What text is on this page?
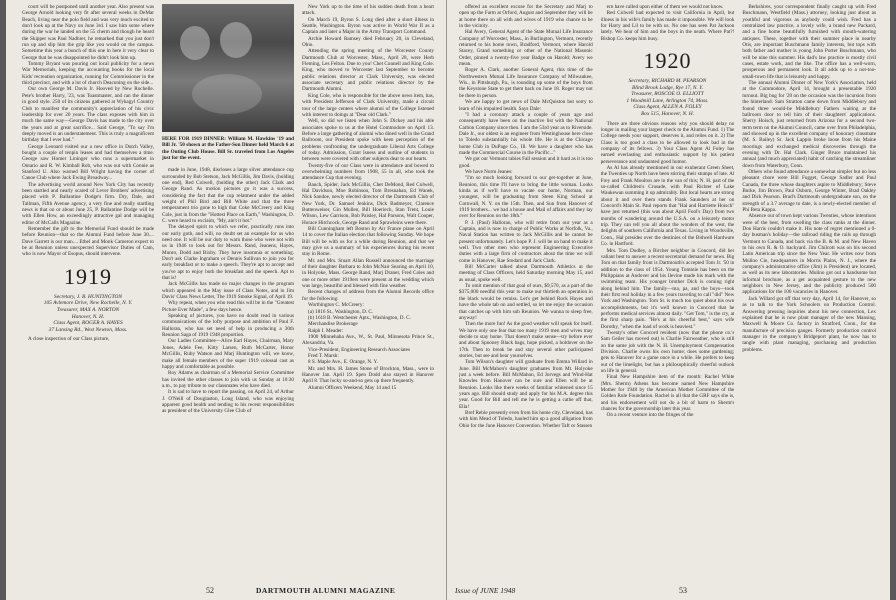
court will be postponed until another year. Also present was George Arnold looking very fit after several weeks in DeMar Beach, living near the polo field and was very much excited to don't look up at the Navy on June 3rd. I saw him some where during the war he landed on the 55 cherm and though he heard the Skipper was Paul Nadhrer, he remarked that you just don't run up and slip him the grip like you would on the campus. Sometime this year a bunch of this one in here it very clear to George that he was disappointed he didn't look him up.

Tommy Bryant was pouring out local publicity for a news War Memorials, keeping the accounting books for the local Kids' recreation organization, running for Commissioner in the third precinct, and with a lot of church Deaconing on the side...

Our own George M. Davis Jr. Hooved by New Rochelle. Pete's brother Harry, '23, was Toastmaster, and ran the dinner in good style. 250 of its citizens gathered at Wykagyl Country Club to manifest the community's appreciation of his civic leadership for over 20 years. The class exposes with him in much the same way—George Davis has made to the city over the years and at great sacrifice... Said George, "To say I'm deeply moved is an understatement. This is truly a magnificent birthday that I ever had."

George Leonard visited our a new office in Dutch Valley, bought a couple of tenpin leases and had themselves a time. George saw Homer Lininger who runs a supermarket in Ontario and R. W. Kimball Rob, who was out with Connie as Stanford U. Also warned Bill Wright having the corner of Canoe Club where Jack Ewing Broadway...

The advertising world around New York City has recently been startled and nearly scared of Lever Brothers' advertising placed with P. Ballantine Dodge's firm. Dry, Dale, and Tallman, Fifth Avenue agency, a very fine and really startling news is that on or about June 25, P. Ballantine Dodge will be with Ellen How, an exceedingly attractive gal and managing editor of McCalls Magazine.

Remember the gift to the Memorial Fund should be made before Reunion—that so the Alumni Fund before June 30.... Dave Garrett is our man.... Ethel and Monk Cameron expect to be at Reunion unless unexpected Supervisor Duties of Cam, who is now Mayor of Esopus, should intervene.

1919
Secretary, J. B. HUNTINGTON
105 Avlemore Drive, New Rochelle, N. Y.
Treasurer, MAX A. NORTON
Hanover, N. H.
Class Agent, ROGER A. HAYES
37 Lansing Rd., West Newton, Mass.

A close inspection of our Class picture,

HERE FOR 1919 DINNER: William M. Hawkins '19 and Bill Jr. '50 shown at the Father-Son Dinner held March 6 at the Outing Club House. Bill Sr. traveled from Los Angeles just for the event.

made in June, 1948, discloses a large silver attendance cup surrounded by Bob Stetson, Jack McGillis, Jim Davis, (holding one end), Red Colwell, (holding the other) Jack Clark and George Rand. As motion pictures go it was a success, considering the fact that the cup relatment under the added weight of Phil Bird and Bill White and that the three temperament trio gone to high that Coke McCreery and King Cole, just in from the "Hottest Place on Earth," Washington, D. C. were heard to exclaim, "My, ain't it hot."

The delayed spirit to which we refer, practically runs into our early goth, and will, no doubt set an example for us who need one. It will be our duty to warn those who were not with us in 1946 to look out for Messrs. Rand, Jeanens, Hayes, Munro, Dodd and Bixby. They have insomnia or something. Don't ask Clarke Ingraham or Dennis Sullivan to join you for early breakfast or to make a speech. They're apt to accept and you've apt to enjoy both the breakfast and the speech. Apt to that is!

Jack McGillis has made no major changes in the program which appeared in the May issue of Class Notes, and in Jim Davis' Class News Letter, The 1919 Smoke Signal, of April 19.

Why repeat, when you who read this will be in the "Greatest Picture Ever Made", a few days hence.

Speaking of pictures, you have no doubt read in various communications of the lofty purpose and ambition of Paul F. Halloran, who has set need of help in producing a 30th Reunion Saga of 1919 1948 proportion.

Our Ladies Committee—Alice Earl Hayes, Chairman, Mary Jones, Adele Fee, Kitty Larsen, Ruth McCarter, Honor McGillis, Ruby Watson and Marj Huntington will, we know, make all female members of the super 1919 colossal cast as happy and comfortable as possible.

Roy Adams as chairman of a Memorial Service Committee has invited the other classes to join with us Sunday at 10:30 a.m., to pay tribute to our classmates who have died.

It is sad to have to report the passing, on April 24, of Arthur J. O'Neill of Douglaston, Long Island, who was enjoying apparent good health and tending to his recent responsibilities as president of the University Glee Club of

New York up to the time of his sudden death from a heart attack.

On March 19, Byron S. Long died after a short illness in Seattle, Washington. Byron was active in World War II as a Captain and later a Major in the Army Transport Command.

Archie Howard Ramsey died February 20, in Cleveland, Ohio.

Attending the spring meeting of the Worcester County Dartmouth Club at Worcester, Mass., April 28, were Herb Fleming, Les Felton. Due to you! Chet Cunnell and King Cole. King, who moved to Worcester last September to become public relations director at Clark University, was elected associate secretary and public relations director by the Dartmouth Alumni.

King Cole, who is responsible for the above news item, has, with President Jefferson of Clark University, made a circuit tour of the large centers where alumni of the College listened with interest to doings at "Dear old Clark."

Well, so did we listen when John S. Dickey and his able associates spoke to us at the Hotel Commodore on April 13. Before a large gathering of alumni who dined well in the Grand Ballroom, our President spoke with keen perception of the problems confronting the undergraduate Liberal Arts College of today. Admission, Grant Isness and outline of students in between were covered with other subjects dear to our hearts.

Twenty-five of our Class were in attendance and bowed to overwhelming numbers from 1908, 55 in all, who took the attendance Cup that evening.

Bauch, Spider, Jack McGillis, Chet DeMond, Red Colwell, Hal Davidson, Moe Robinson, Tom Bresnahan, Ed Wanek, Nick Sandoe, newly elected director of the Dartmouth Club of New York, Dr. Samuel Jenkins, Dick Badmeyer, Clarence Buttenweiser, Gin Mullen, Bill Hoeriech, Stan Trent, Louie Wilson, Lew Garrison, Bob Paisley, Hal Parsons, Walt Cooper, Horace Hitchcock, George Rand and Sprawleins were there.

Bill Cunningham left Boston by Air France plane on April 14 to cover the Italian election that following Sunday. We hope Bill will be with us for a while during Reunion, and that we may give us a summary of his experiences during his recent stay in Rome.

Mr. and Mrs. Stuart Allan Russell announced the marriage of their daughter Barbara to John McNair Searing on April 10, in Holyoke, Mass. George Rand, Marj Draner, Fred Coles and one or more other 1919ers were present at the wedding which was large, beautiful and blessed with fine weather.

Recent changes of address from the Alumni Records office for the following:

Worthington C. McCreery:

(a) 1816 St., Washington, D. C.

(b) 1618 B. Westchester Apts., Washington, D. C.

Merchandise Brokerage

Ralph I. Meader:

1900 Minnehaha Ave., W., St. Paul, Minnesota Prince St., Alexandria, Va.

Vice-President, Engineering Research Associates

Fred T. Marsh:

8 S. Maple Ave., E. Orange, N. Y.

Mr. and Mrs. H. James Stone of Brockton, Mass., were in Hanover Jan. April 19. Spen Dodd also stayed in Hanover April 8. That lucky so-and-so gets up there frequently.

Alumni Officers Weekend, May 14 and 15

52	DARTMOUTH ALUMNI MAGAZINE

offered an excellent excuse for the Secretary and Marj to open up the Farm at Orford, August and September they will be at home there on all with and wives of 1919 who chance to be in the vicinity.

Hal Avery, General Agent of the State Mutual Life Insurance Company of Worcester, Mass., in Burlington, Vermont, recently returned to his home town, Bradford, Vermont, where Harold Stacey, Grand something or other of the National Masonic Order, pinned a twenty-five year Badge on Harold; Avery we mean.

Roger A. Clark, another General Agent, this time of the Northwestern Mutual Life Insurance Company of Milwaukee, Wis., in Pittsburgh, Pa., is rounding up some of the boys from the Keystone State to get them back on June 18. Roger may not be there in person.

We are happy to get news of Dale McQuiston but sorry to learn of his impaired health. Says Dale:

"I had a coronary attack a couple of years ago and consequently have been on the inactive list with the National Carbon Company since then. I am the 53rd year as to Riverside. Dale Jr., our oldest is an engineer from Westinghouse here close to Toledo substantially his whole life. He is at the Chicago home Club in DuPage Co., Ill. We have a daughter who has made the Commercial Course in the Pacific..."

We got our Vermont rabies Fall session and it hard as it is too good.

We have Norm Jeanes:

"I'm so much looking forward to our get-together at June, Reunion, this time I'll have to bring the little woman. Looks kinda as if we'll have to vacate our home, Norman, our youngest, will be graduating from Steen King School at Cornwall, N. Y. on the 15th. Then, and Sun from Hanover of 1919 brothers... we had a house and Mail of affairs and they lay over for Reunion on the 18th."

P. J. (Paul) Halloran, who will retire from our year as a Captain, and is now in charge of Public Works at Norfolk, Va., Naval Station has written to Jack McGillis and he cannot be present unfortunately. Let's hope P. J. will be on hand to make it well. Two other men who represent Engineering Executive duties with a large firm of contractors about the time we will come in Hanover, Rae Stodard and Jack Clark.

Bill McCarter talked about Dartmouth Athletics at the meeting of Class Officers, held Saturday morning May 15, and as usual, spoke well.

To omit mention of that goal of ours, $9,570, as a part of the $375,000 needful this year to make our thirtieth an operation in the black would be remiss. Let's get behind Rock Hayes and have the whole tab on and settled, so let me enjoy the occasion that catches up with him sub Reunion. We wanna to sleep free, anyway!

Then the more fun! As the good weather will speak for itself. We have only one fear that too many 1919 men and wives may decide to stay home. That doesn't make sense—try before ever and about Spooney Black bags, hope picked, a holdover on the 17th. Then to break be and stay several other parlicipated stories, but see and hear yourselves.

Tom Wilson's daughter will graduate from Emma Willard in June. Bill McMahon's daughter graduates from Mt. Holyoke just a week before. Bill McMahon, Ed Jorvegs and Wind-Hat Knowles from Hanover can be sure and Ellen will be at Reunion. Looks like there weeks of familiar whitened since 15 years ago. Bill should study and apply for his M.A. degree this year. Good for Bill and tell me he is getting a cathe off that, Ella!

Bref Reble presently even from his home city, Cleveland, has with him Mead of Toledo, hauled him up a good alligation from Ohio for the June Hanover Convention. Whether Taft or Stassen

ern have called upon either of them we would not know.

Red Colwell had expected to visit California in April, but illness in his wife's family has made it impossible. We will look for Harry and Lil to be with us. No one has seen Pat Jackson lately. We hear of him and the boys in the neath. Where Pat?! Bishop Co. keeps him busy.

1920
Secretary, RICHARD M. PEARSON
Blind Brook Lodge, Rye 17, N. Y.
Treasurer, ROSCOE O. ELLIOTT
1 Woodmill Lane, Arlington 74, Mass.
Class Agent, ALLEN A. FOLEY
Box 515, Hanover, N. H.

There are three obvious reasons why you should delay no longer in mailing your largest check to the Alumni Fund. 1) The College needs your support, deserves it, and relies on it. 2) The Class is too good a class to be allowed to look bad in the company of its fellows. 3) Your Class Agent Al Foley has earned everlasting and enthusiastic support by his patient perseverance and undaunted good humor.

As Al has already mentioned in our exuberant Green Sheet, the Twenties up North have been stirring their stumps of late. Al Frey and Frank Moulton are in the van of this; N. H. part of the so-called Children's Crusade, with Paul Richter of Lake Waukewan summing it up admirably. But local hearts are strong about it and over them stands Frank Saunders at her on Concord's Main St. Paul reports that "Hal and Harriette Hoisch" have just returned (this was about April Fool's Day) from two months of wandering around the U.S.A. on a leisurely motor trip. They can tell you all about the wonders of the west, the delights of southern California and Texas. Living in Woodsville, Conn., Hal presides over the destinies of the Bidwell Hardware Co. in Hartford.

Mrs. Tom Dudley, a Bircher neighbor in Concord, did her valiant best to answer a recent secretarial demand for news. Big Tom on that family front is Dartmouth's accepted Tom Jr. '50 in addition to the class of 1954. Young Tommie has been on the Philippians at Andover and his Ilevine made his mark with the swimming team. His younger brother Dick is coming right along behind him. The family—ma, pa, and the boys—took their first real holiday in a few years traveling to call "did" New York and Washington. Tom Sr. is much too quiet about his own accomplishments, but it's well known in Concord that he performs medical services almost daily. "Get Tom," is the cry, at the first sharp pain. "He's at his cheerful best," says wife Dorothy, "when the load of work is heaviest."

Twenty's other Concord resident (now that the phone co.'s Sam Geiler has moved out) is Charlie Fairweather, who is still on the same job with the N. H. Unemployment Compensation Division. Charlie owns his own home; does some gardening; gets to Hanover for a game once in a while. He prefers to keep out of the limelight, but has a philosophically cheerful outlook on life in general.

Final New Hampshire item of the month: Rachel White (Mrs. Sherm) Athens has become named New Hampshire Mother for 1948 by the American Mother Committee of the Golden Rule Foundation. Rachel is all that the GRF says she is, and his endorsement will not do a bit of harm to Sherm's chances for the governorship later this year.

On a recent venture into the fringes of the

Berkshires, your correspondent finally caught up with Fred Buschmann, Westfield (Mass.) attorney, looking just about as youthful and vigorous as anybody could wish. Fred has a centralized law practice, a lovely wife, a brand new Packard, and a fine home beautifully furnished with mouth-watering antiques. These, together with their summer place in nearby Otis, are important Buschmann family interests, but tops with both father and mother is young John Porter Buschmann, who will be nine this summer. His dad's law practice is mostly civil cases, estate work, and the like. The office has a well-worn, prosperous and permanent look. It all adds up to a not-too-small-town life that is leisurely and happy.

The annual Alumni Dinner of New York's Association, held at the Commodore, April 14, brought a presentable 1920 turnout. Big bug for '20 on the occasion was the incursion from the hinterland: Sam Stratton came down from Middlebury and found three would-be Middlebury Fathers waiting at the ballroom door to tell him of their daughters' applications. Sherry Hoisch, just returned from Arizona for a second two-term term on the Alumni Council, came over from Philadelphia, and showed up in the excellent company of honorary classmate (M. S. Bailey) Sr. Jack Lappin broke loose from his Maine moorings and exchanged medical discoveries through the evening with Dr. Hal Clark. Ginger Bruce maintained his annual (and much appreciated) habit of catching the streamliner down from Waterbury, Conn.

Others who found attendance a somewhat simpler but no less pleasant chore were Bill Fugget, George Sadler and Paul Canada, the three whose daughters aspire to Middlebury; Steve Burke, Jim Brown, Paul Osborn, George Winter, Brad Oakley and Dick Pearson. Brad's Dartmouth undergraduate son, on the strength of a 3.7 average to date, is a newly-elected member of Phi Beta Kappa.

Absence out of town kept various Twenties, whose intentions were of the best, from swelling the class ranks at the dinner. Don Harris couldn't make it. His note of regret mentioned a 0-day busman's holiday—the railroad riding the rails up through Vermont to Canada, and back via the B. & M. and New Haven to his own R. & O. backyard. Jim Chilcott was on his second Latin American trip since the New Year. He writes now from Mulino Cie, headquarters in Morris Plains, N. J., where the company's administrative office (Jim) is President) are located, as well as its new laboratories. Mulino got out a handsome but informal brochure, as a get acquainted gesture to the new neighbors in New Jersey, and the publicity produced 500 applications for the 100 vacancies in Hanover.

Jack Willard got off that very day, April 14, for Hanover, so as to talk to the York Schoolers on Production Control. Answering pressing inquiries about his new connection, Lex explained that he is now plant manager of the new Mansing, Maxwell & Moore Co. factory in Stratford, Conn., for the manufacture of precision gauges. Formerly production control manager in the company's Bridgeport plant, he now has to tangle with plant managing, purchasing and production problems.

Issue of JUNE 1948	53
